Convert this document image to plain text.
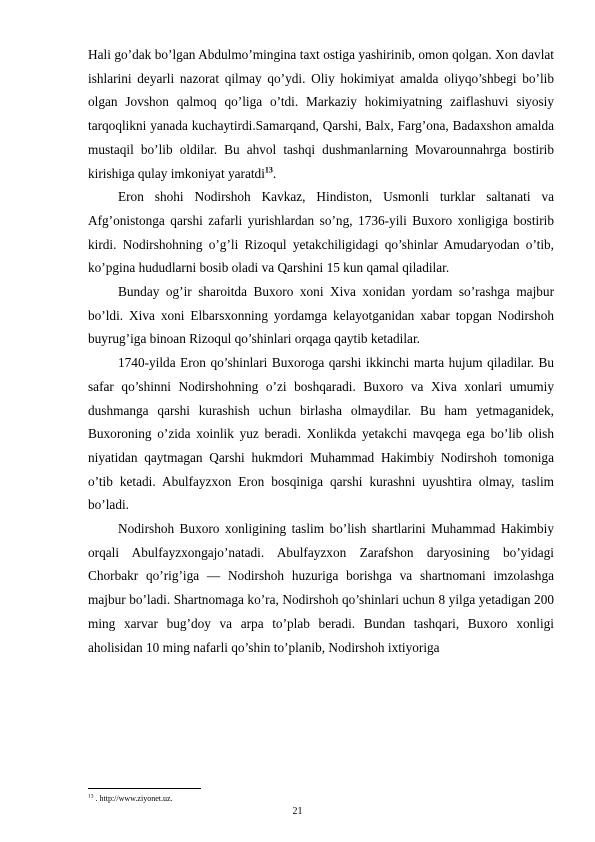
Hali go’dak bo’lgan Abdulmo’mingina taxt ostiga yashirinib, omon qolgan. Xon davlat ishlarini deyarli nazorat qilmay qo’ydi. Oliy hokimiyat amalda oliyqo’shbegi bo’lib olgan Jovshon qalmoq qo’liga o’tdi. Markaziy hokimiyatning zaiflashuvi siyosiy tarqoqlikni yanada kuchaytirdi.Samarqand, Qarshi, Balx, Farg’ona, Badaxshon amalda mustaqil bo’lib oldilar. Bu ahvol tashqi dushmanlarning Movarounnahrga bostirib kirishiga qulay imkoniyat yaratdi$^{13}$.

Eron shohi Nodirshoh Kavkaz, Hindiston, Usmonli turklar saltanati va Afg’onistonga qarshi zafarli yurishlardan so’ng, 1736-yili Buxoro xonligiga bostirib kirdi. Nodirshohning o’g’li Rizoqul yetakchiligidagi qo’shinlar Amudaryodan o’tib, ko’pgina hududlarni bosib oladi va Qarshini 15 kun qamal qiladilar.

Bunday og’ir sharoitda Buxoro xoni Xiva xonidan yordam so’rashga majbur bo’ldi. Xiva xoni Elbarsxonning yordamga kelayotganidan xabar topgan Nodirshoh buyrug’iga binoan Rizoqul qo’shinlari orqaga qaytib ketadilar.

1740-yilda Eron qo’shinlari Buxoroga qarshi ikkinchi marta hujum qiladilar. Bu safar qo’shinni Nodirshohning o’zi boshqaradi. Buxoro va Xiva xonlari umumiy dushmanga qarshi kurashish uchun birlasha olmaydilar. Bu ham yetmaganidek, Buxoroning o’zida xoinlik yuz beradi. Xonlikda yetakchi mavqega ega bo’lib olish niyatidan qaytmagan Qarshi hukmdori Muhammad Hakimbiy Nodirshoh tomoniga o’tib ketadi. Abulfayzxon Eron bosqiniga qarshi kurashni uyushtira olmay, taslim bo’ladi.

Nodirshoh Buxoro xonligining taslim bo’lish shartlarini Muhammad Hakimbiy orqali Abulfayzxongajo’natadi. Abulfayzxon Zarafshon daryosining bo’yidagi Chorbakr qo’rig’iga — Nodirshoh huzuriga borishga va shartnomani imzolashga majbur bo’ladi. Shartnomaga ko’ra, Nodirshoh qo’shinlari uchun 8 yilga yetadigan 200 ming xarvar bug’doy va arpa to’plab beradi. Bundan tashqari, Buxoro xonligi aholisidan 10 ming nafarli qo’shin to’planib, Nodirshoh ixtiyoriga

$^{13}$ . http://www.ziyonet.uz.
21
